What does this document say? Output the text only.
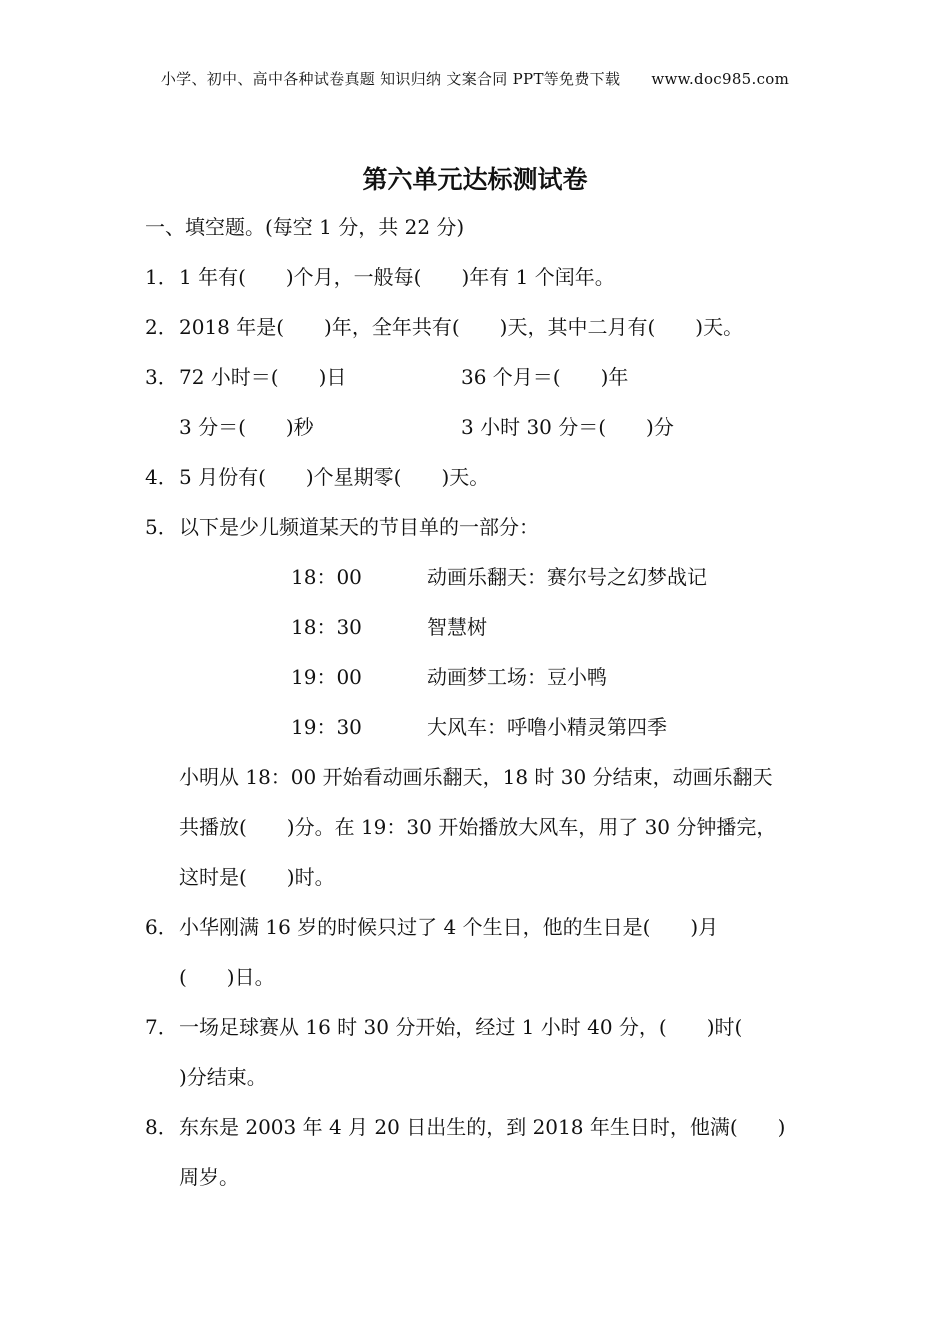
小学、初中、高中各种试卷真题 知识归纳 文案合同 PPT等免费下载 www.doc985.com
第六单元达标测试卷
一、填空题。(每空 1 分，共 22 分)
1．1 年有(　　)个月，一般每(　　)年有 1 个闰年。
2．2018 年是(　　)年，全年共有(　　)天，其中二月有(　　)天。
3．72 小时＝(　　)日	36 个月＝(　　)年
3 分＝(　　)秒	3 小时 30 分＝(　　)分
4．5 月份有(　　)个星期零(　　)天。
5．以下是少儿频道某天的节目单的一部分：
18：00	动画乐翻天：赛尔号之幻梦战记
18：30	智慧树
19：00	动画梦工场：豆小鸭
19：30	大风车：呼噜小精灵第四季
小明从 18：00 开始看动画乐翻天，18 时 30 分结束，动画乐翻天
共播放(　　)分。在 19：30 开始播放大风车，用了 30 分钟播完，
这时是(　　)时。
6．小华刚满 16 岁的时候只过了 4 个生日，他的生日是(　　)月
(　　)日。
7．一场足球赛从 16 时 30 分开始，经过 1 小时 40 分，(　　)时(
)分结束。
8．东东是 2003 年 4 月 20 日出生的，到 2018 年生日时，他满(　　)
周岁。
